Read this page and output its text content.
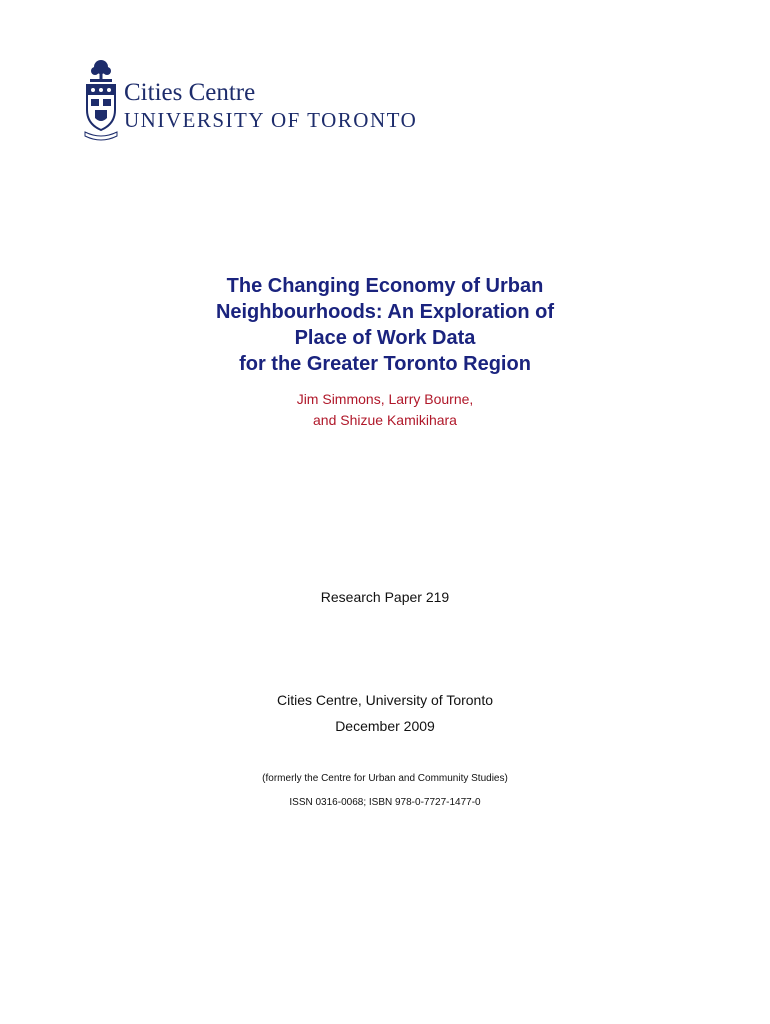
Cities Centre
UNIVERSITY OF TORONTO
The Changing Economy of Urban
Neighbourhoods: An Exploration of
Place of Work Data
for the Greater Toronto Region
Jim Simmons, Larry Bourne,
and Shizue Kamikihara
Research Paper 219
Cities Centre, University of Toronto
December 2009
(formerly the Centre for Urban and Community Studies)
ISSN 0316-0068; ISBN 978-0-7727-1477-0
